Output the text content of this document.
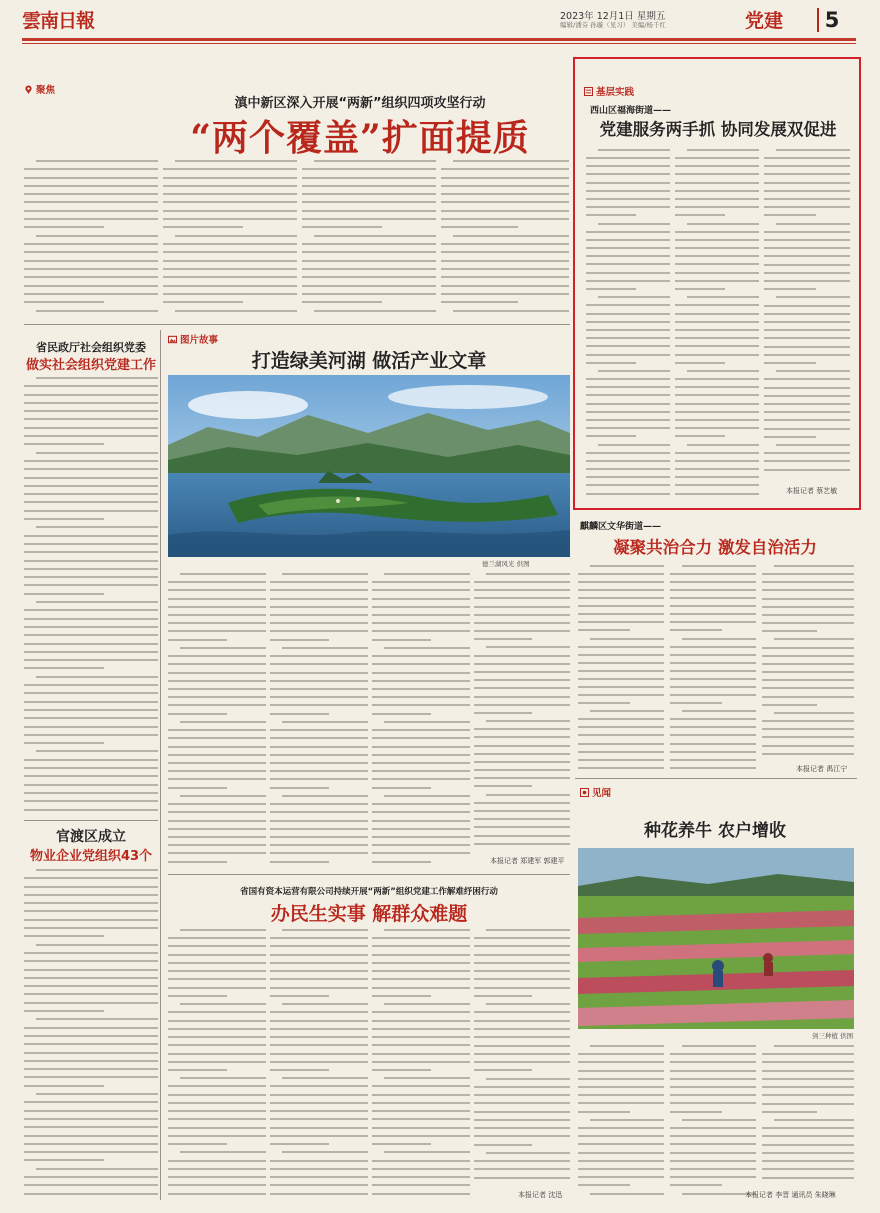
雲南日報	2023年 12月1日 星期五
编辑/潘芬 孙璇（见习） 美编/杨千红	党建	5
聚焦
滇中新区深入开展“两新”组织四项攻坚行动
“两个覆盖”扩面提质
省民政厅社会组织党委
做实社会组织党建工作
官渡区成立
物业企业党组织43个
图片故事
打造绿美河湖 做活产业文章
德兰湖风光 供图
本报记者 郑建军 郭建平
省国有资本运营有限公司持续开展“两新”组织党建工作解难纾困行动
办民生实事 解群众难题
本报记者 沈迅
基层实践
西山区福海街道——
党建服务两手抓 协同发展双促进
本报记者 蔡艺敏
麒麟区文华街道——
凝聚共治合力 激发自治活力
本报记者 禹江宁
见闻
种花养牛 农户增收
剑三种植 供图
本报记者 李晋 通讯员 朱晓琳
